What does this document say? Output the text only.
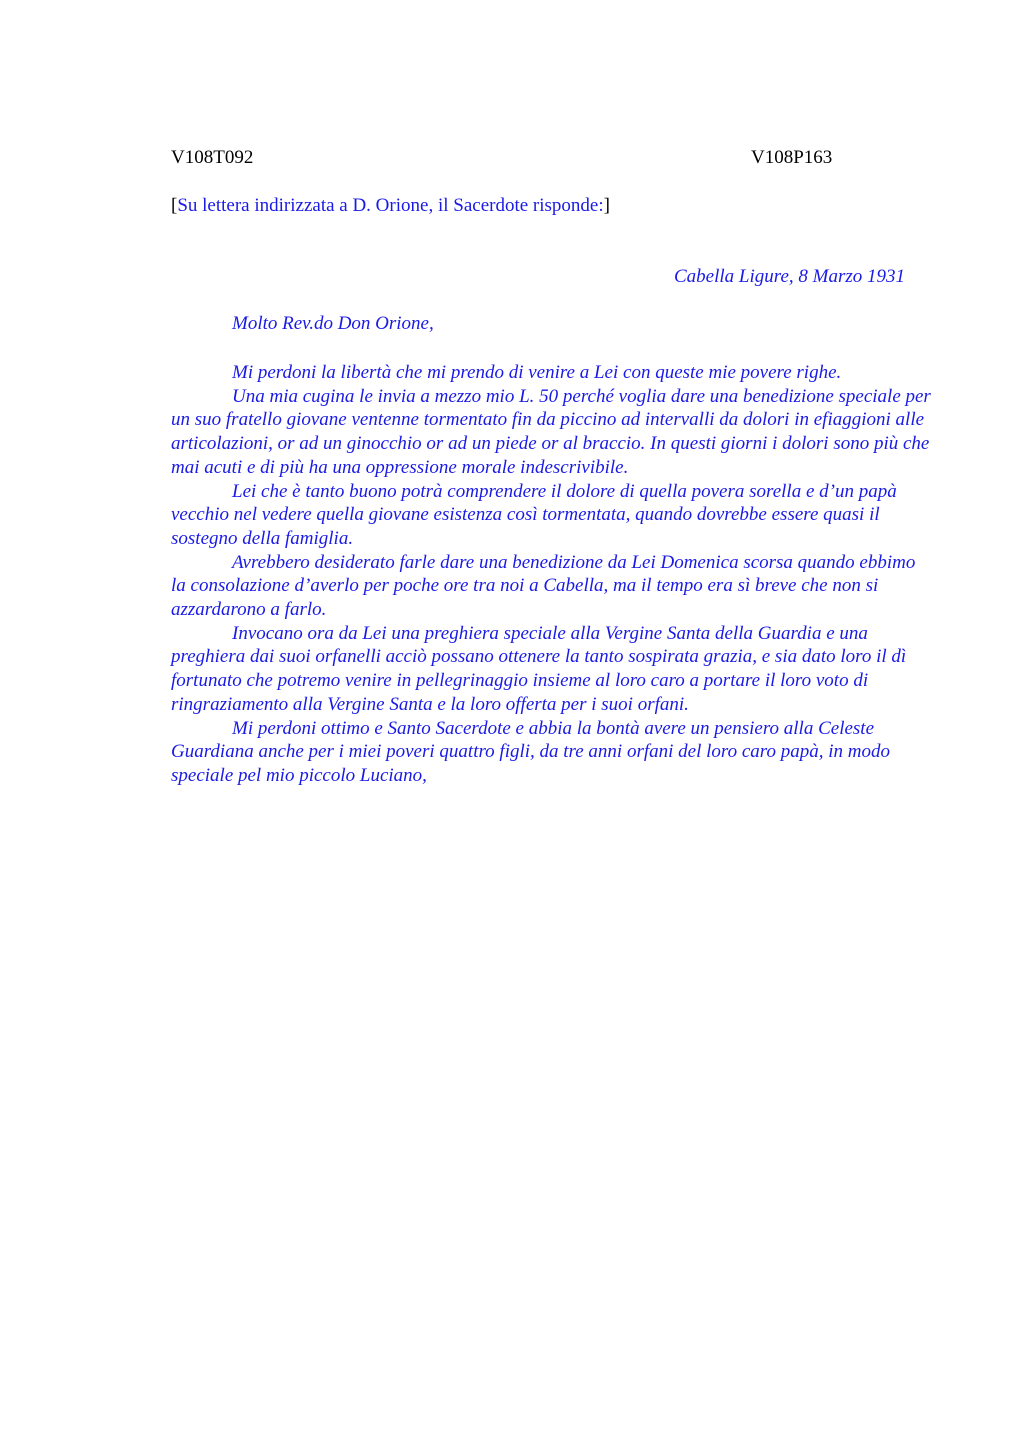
V108T092	V108P163
[Su lettera indirizzata a D. Orione, il Sacerdote risponde:]
Cabella Ligure, 8 Marzo 1931
Molto Rev.do Don Orione,

Mi perdoni la libertà che mi prendo di venire a Lei con queste mie povere righe.

Una mia cugina le invia a mezzo mio L. 50 perché voglia dare una benedizione speciale per un suo fratello giovane ventenne tormentato fin da piccino ad intervalli da dolori in efiaggioni alle articolazioni, or ad un ginocchio or ad un piede or al braccio. In questi giorni i dolori sono più che mai acuti e di più ha una oppressione morale indescrivibile.

Lei che è tanto buono potrà comprendere il dolore di quella povera sorella e d’un papà vecchio nel vedere quella giovane esistenza così tormentata, quando dovrebbe essere quasi il sostegno della famiglia.

Avrebbero desiderato farle dare una benedizione da Lei Domenica scorsa quando ebbimo la consolazione d’averlo per poche ore tra noi a Cabella, ma il tempo era sì breve che non si azzardarono a farlo.

Invocano ora da Lei una preghiera speciale alla Vergine Santa della Guardia e una preghiera dai suoi orfanelli acciò possano ottenere la tanto sospirata grazia, e sia dato loro il dì fortunato che potremo venire in pellegrinaggio insieme al loro caro a portare il loro voto di ringraziamento alla Vergine Santa e la loro offerta per i suoi orfani.

Mi perdoni ottimo e Santo Sacerdote e abbia la bontà avere un pensiero alla Celeste Guardiana anche per i miei poveri quattro figli, da tre anni orfani del loro caro papà, in modo speciale pel mio piccolo Luciano,
